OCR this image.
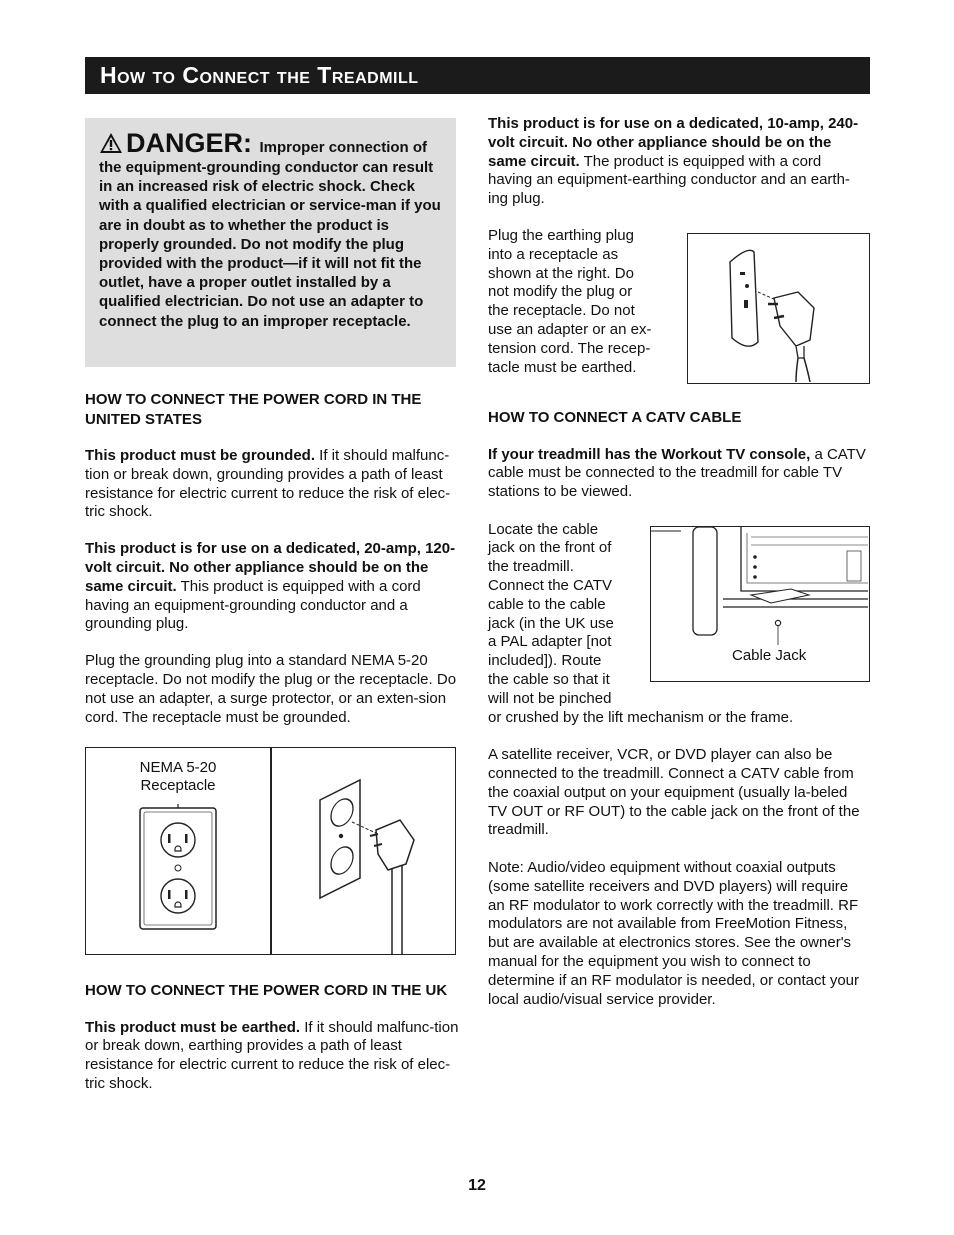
How to Connect the Treadmill
DANGER: Improper connection of the equipment-grounding conductor can result in an increased risk of electric shock. Check with a qualified electrician or service-man if you are in doubt as to whether the product is properly grounded. Do not modify the plug provided with the product—if it will not fit the outlet, have a proper outlet installed by a qualified electrician. Do not use an adapter to connect the plug to an improper receptacle.

HOW TO CONNECT THE POWER CORD IN THE UNITED STATES

This product must be grounded. If it should malfunc-tion or break down, grounding provides a path of least resistance for electric current to reduce the risk of elec-tric shock.

This product is for use on a dedicated, 20-amp, 120-volt circuit. No other appliance should be on the same circuit. This product is equipped with a cord having an equipment-grounding conductor and a grounding plug.

Plug the grounding plug into a standard NEMA 5-20 receptacle. Do not modify the plug or the receptacle. Do not use an adapter, a surge protector, or an exten-sion cord. The receptacle must be grounded.

NEMA 5-20
Receptacle

HOW TO CONNECT THE POWER CORD IN THE UK

This product must be earthed. If it should malfunc-tion or break down, earthing provides a path of least resistance for electric current to reduce the risk of elec-tric shock.

This product is for use on a dedicated, 10-amp, 240-volt circuit. No other appliance should be on the same circuit. The product is equipped with a cord having an equipment-earthing conductor and an earth-ing plug.

Plug the earthing plug
into a receptacle as
shown at the right. Do
not modify the plug or
the receptacle. Do not
use an adapter or an ex-
tension cord. The recep-
tacle must be earthed.

HOW TO CONNECT A CATV CABLE

If your treadmill has the Workout TV console, a CATV cable must be connected to the treadmill for cable TV stations to be viewed.

Locate the cable
jack on the front of
the treadmill.
Connect the CATV
cable to the cable
jack (in the UK use
a PAL adapter [not
included]). Route
the cable so that it
will not be pinched
or crushed by the lift mechanism or the frame.

A satellite receiver, VCR, or DVD player can also be connected to the treadmill. Connect a CATV cable from the coaxial output on your equipment (usually la-beled TV OUT or RF OUT) to the cable jack on the front of the treadmill.

Note: Audio/video equipment without coaxial outputs (some satellite receivers and DVD players) will require an RF modulator to work correctly with the treadmill. RF modulators are not available from FreeMotion Fitness, but are available at electronics stores. See the owner's manual for the equipment you wish to connect to determine if an RF modulator is needed, or contact your local audio/visual service provider.

Cable Jack
12
